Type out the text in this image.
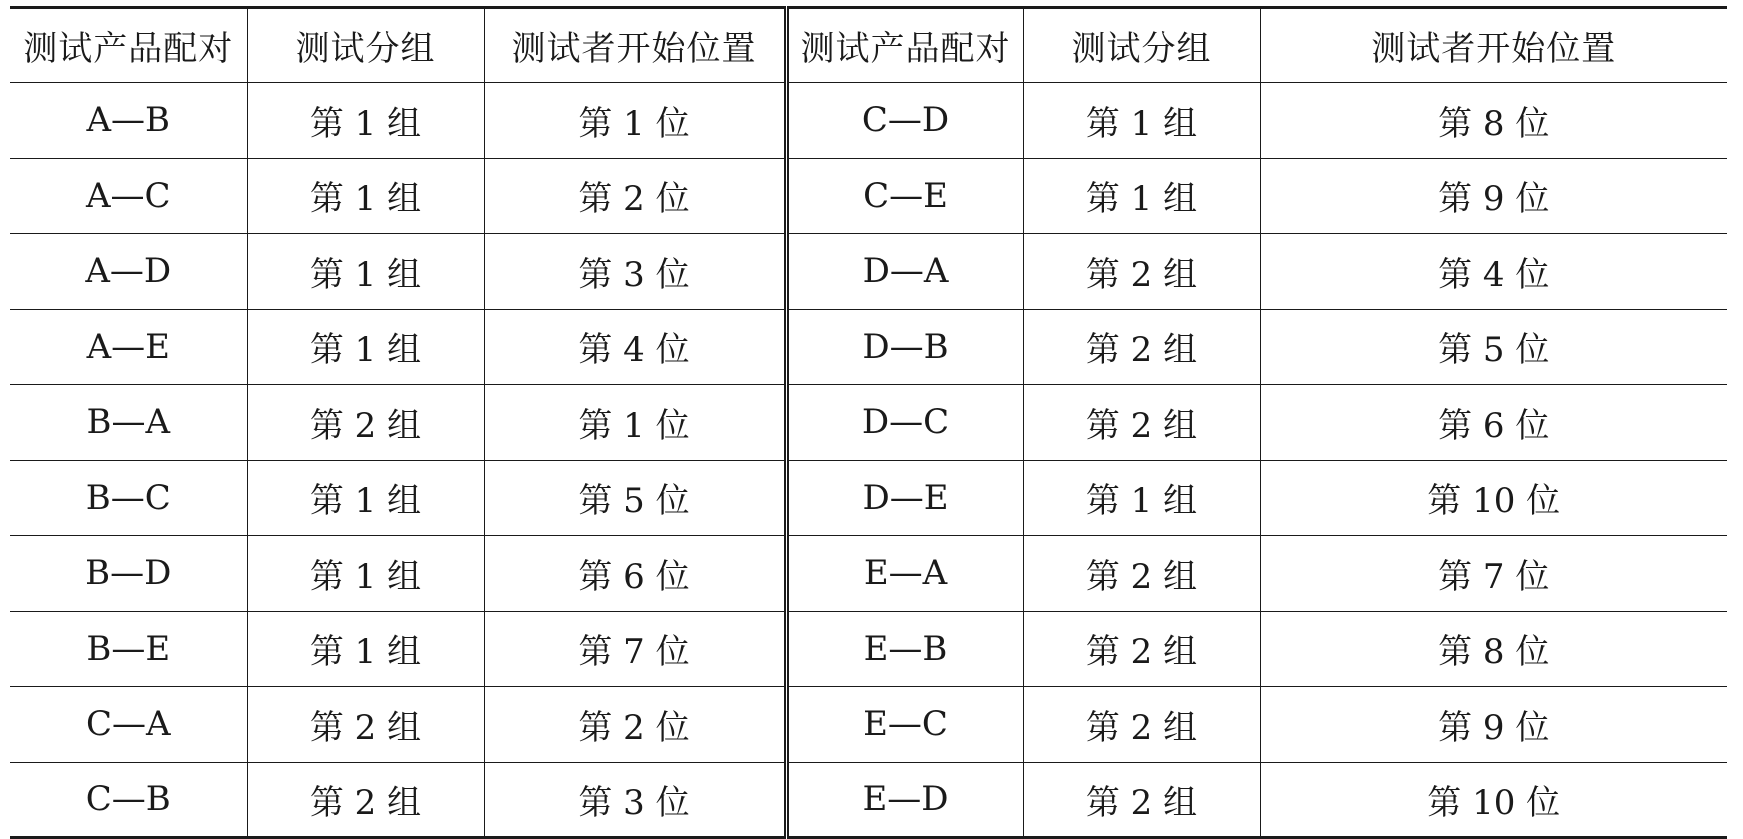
测试产品配对	测试分组	测试者开始位置	测试产品配对	测试分组	测试者开始位置
A—B	第 1 组	第 1 位	C—D	第 1 组	第 8 位
A—C	第 1 组	第 2 位	C—E	第 1 组	第 9 位
A—D	第 1 组	第 3 位	D—A	第 2 组	第 4 位
A—E	第 1 组	第 4 位	D—B	第 2 组	第 5 位
B—A	第 2 组	第 1 位	D—C	第 2 组	第 6 位
B—C	第 1 组	第 5 位	D—E	第 1 组	第 10 位
B—D	第 1 组	第 6 位	E—A	第 2 组	第 7 位
B—E	第 1 组	第 7 位	E—B	第 2 组	第 8 位
C—A	第 2 组	第 2 位	E—C	第 2 组	第 9 位
C—B	第 2 组	第 3 位	E—D	第 2 组	第 10 位
